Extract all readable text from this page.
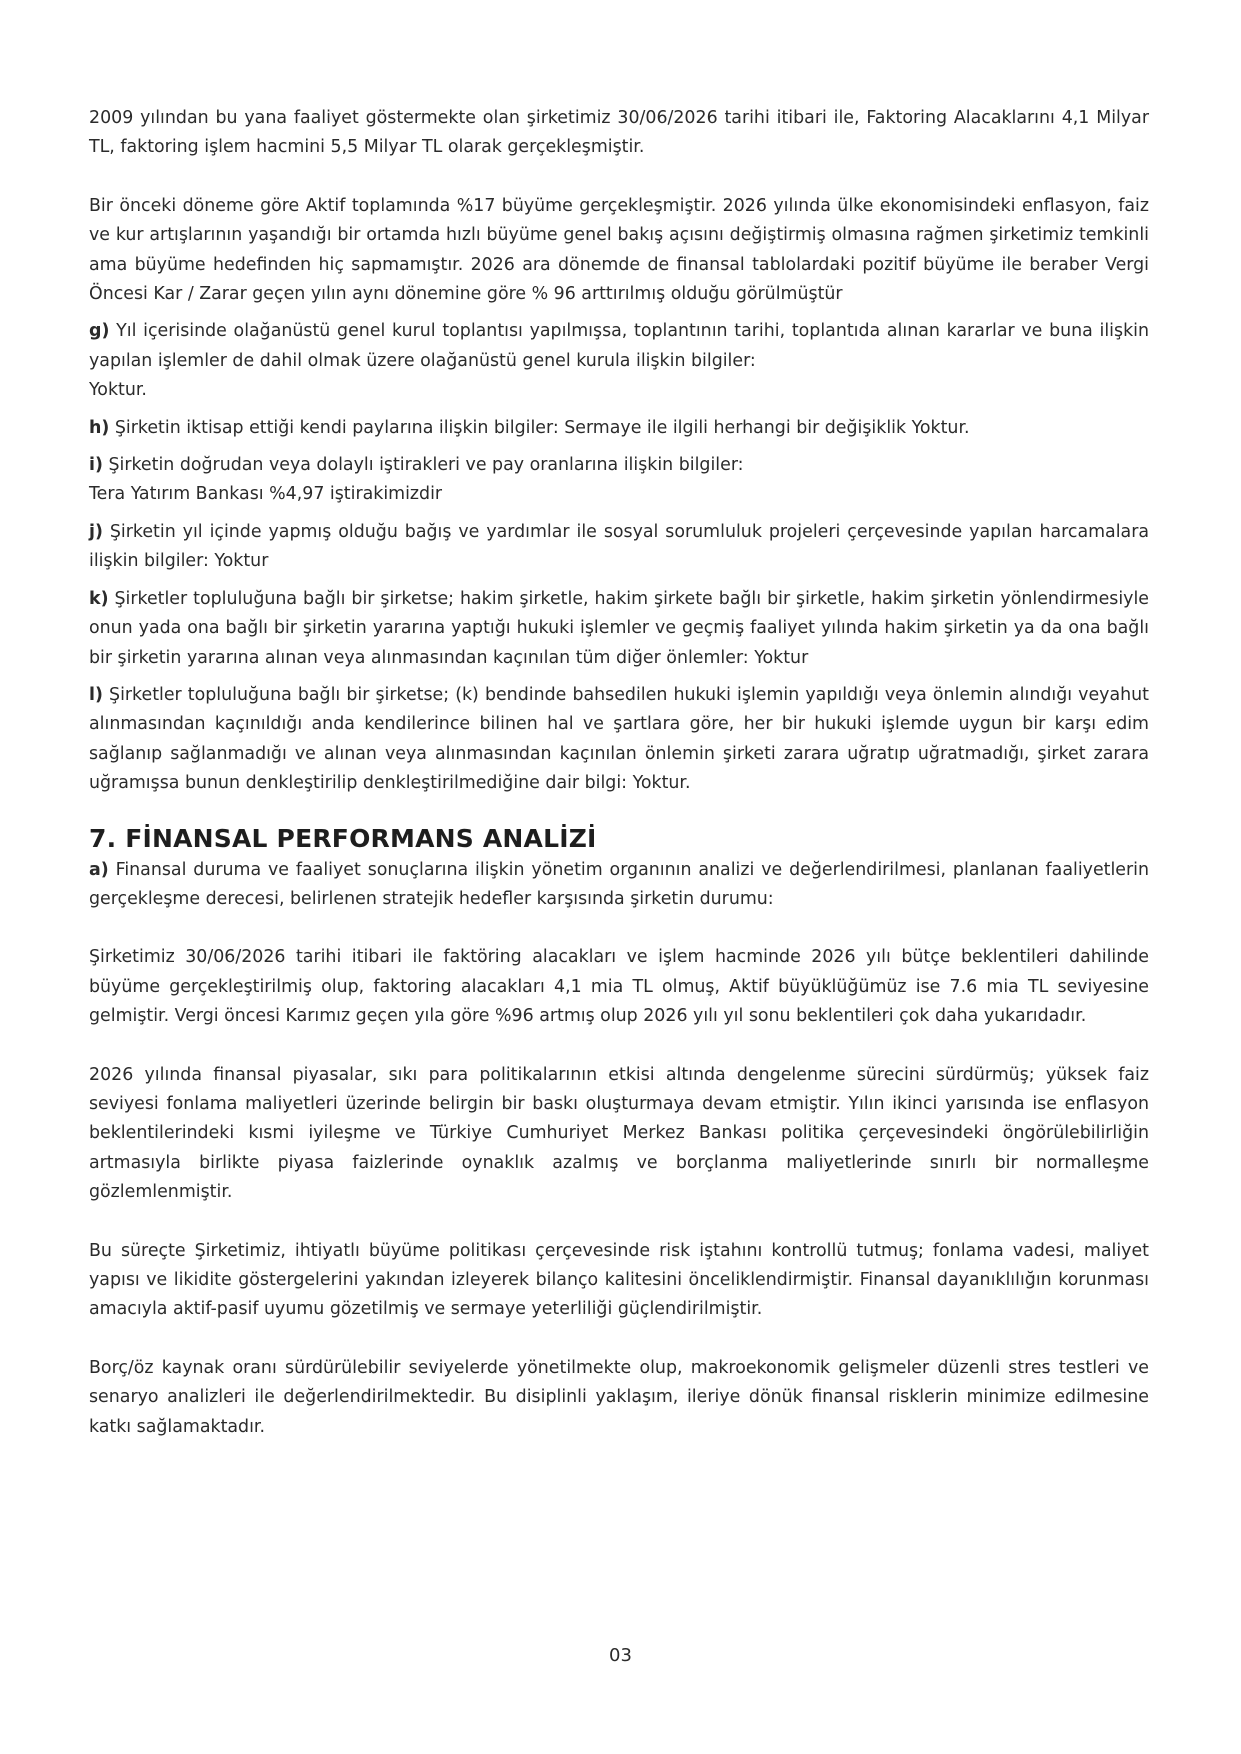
2009 yılından bu yana faaliyet göstermekte olan şirketimiz 30/06/2026 tarihi itibari ile, Faktoring Alacaklarını 4,1 Milyar TL, faktoring işlem hacmini 5,5 Milyar TL olarak gerçekleşmiştir.

Bir önceki döneme göre Aktif toplamında %17 büyüme gerçekleşmiştir. 2026 yılında ülke ekonomisindeki enflasyon, faiz ve kur artışlarının yaşandığı bir ortamda hızlı büyüme genel bakış açısını değiştirmiş olmasına rağmen şirketimiz temkinli ama büyüme hedefinden hiç sapmamıştır. 2026 ara dönemde de finansal tablolardaki pozitif büyüme ile beraber Vergi Öncesi Kar / Zarar geçen yılın aynı dönemine göre % 96 arttırılmış olduğu görülmüştür

g) Yıl içerisinde olağanüstü genel kurul toplantısı yapılmışsa, toplantının tarihi, toplantıda alınan kararlar ve buna ilişkin yapılan işlemler de dahil olmak üzere olağanüstü genel kurula ilişkin bilgiler:
Yoktur.

h) Şirketin iktisap ettiği kendi paylarına ilişkin bilgiler: Sermaye ile ilgili herhangi bir değişiklik Yoktur.

i) Şirketin doğrudan veya dolaylı iştirakleri ve pay oranlarına ilişkin bilgiler:
Tera Yatırım Bankası %4,97 iştirakimizdir

j) Şirketin yıl içinde yapmış olduğu bağış ve yardımlar ile sosyal sorumluluk projeleri çerçevesinde yapılan harcamalara ilişkin bilgiler: Yoktur

k) Şirketler topluluğuna bağlı bir şirketse; hakim şirketle, hakim şirkete bağlı bir şirketle, hakim şirketin yönlendirmesiyle onun yada ona bağlı bir şirketin yararına yaptığı hukuki işlemler ve geçmiş faaliyet yılında hakim şirketin ya da ona bağlı bir şirketin yararına alınan veya alınmasından kaçınılan tüm diğer önlemler: Yoktur

l) Şirketler topluluğuna bağlı bir şirketse; (k) bendinde bahsedilen hukuki işlemin yapıldığı veya önlemin alındığı veyahut alınmasından kaçınıldığı anda kendilerince bilinen hal ve şartlara göre, her bir hukuki işlemde uygun bir karşı edim sağlanıp sağlanmadığı ve alınan veya alınmasından kaçınılan önlemin şirketi zarara uğratıp uğratmadığı, şirket zarara uğramışsa bunun denkleştirilip denkleştirilmediğine dair bilgi: Yoktur.

7. FİNANSAL PERFORMANS ANALİZİ

a) Finansal duruma ve faaliyet sonuçlarına ilişkin yönetim organının analizi ve değerlendirilmesi, planlanan faaliyetlerin gerçekleşme derecesi, belirlenen stratejik hedefler karşısında şirketin durumu:

Şirketimiz 30/06/2026 tarihi itibari ile faktöring alacakları ve işlem hacminde 2026 yılı bütçe beklentileri dahilinde büyüme gerçekleştirilmiş olup, faktoring alacakları 4,1 mia TL olmuş, Aktif büyüklüğümüz ise 7.6 mia TL seviyesine gelmiştir. Vergi öncesi Karımız geçen yıla göre %96 artmış olup 2026 yılı yıl sonu beklentileri çok daha yukarıdadır.

2026 yılında finansal piyasalar, sıkı para politikalarının etkisi altında dengelenme sürecini sürdürmüş; yüksek faiz seviyesi fonlama maliyetleri üzerinde belirgin bir baskı oluşturmaya devam etmiştir. Yılın ikinci yarısında ise enflasyon beklentilerindeki kısmi iyileşme ve Türkiye Cumhuriyet Merkez Bankası politika çerçevesindeki öngörülebilirliğin artmasıyla birlikte piyasa faizlerinde oynaklık azalmış ve borçlanma maliyetlerinde sınırlı bir normalleşme gözlemlenmiştir.

Bu süreçte Şirketimiz, ihtiyatlı büyüme politikası çerçevesinde risk iştahını kontrollü tutmuş; fonlama vadesi, maliyet yapısı ve likidite göstergelerini yakından izleyerek bilanço kalitesini önceliklendirmiştir. Finansal dayanıklılığın korunması amacıyla aktif-pasif uyumu gözetilmiş ve sermaye yeterliliği güçlendirilmiştir.

Borç/öz kaynak oranı sürdürülebilir seviyelerde yönetilmekte olup, makroekonomik gelişmeler düzenli stres testleri ve senaryo analizleri ile değerlendirilmektedir. Bu disiplinli yaklaşım, ileriye dönük finansal risklerin minimize edilmesine katkı sağlamaktadır.

03
